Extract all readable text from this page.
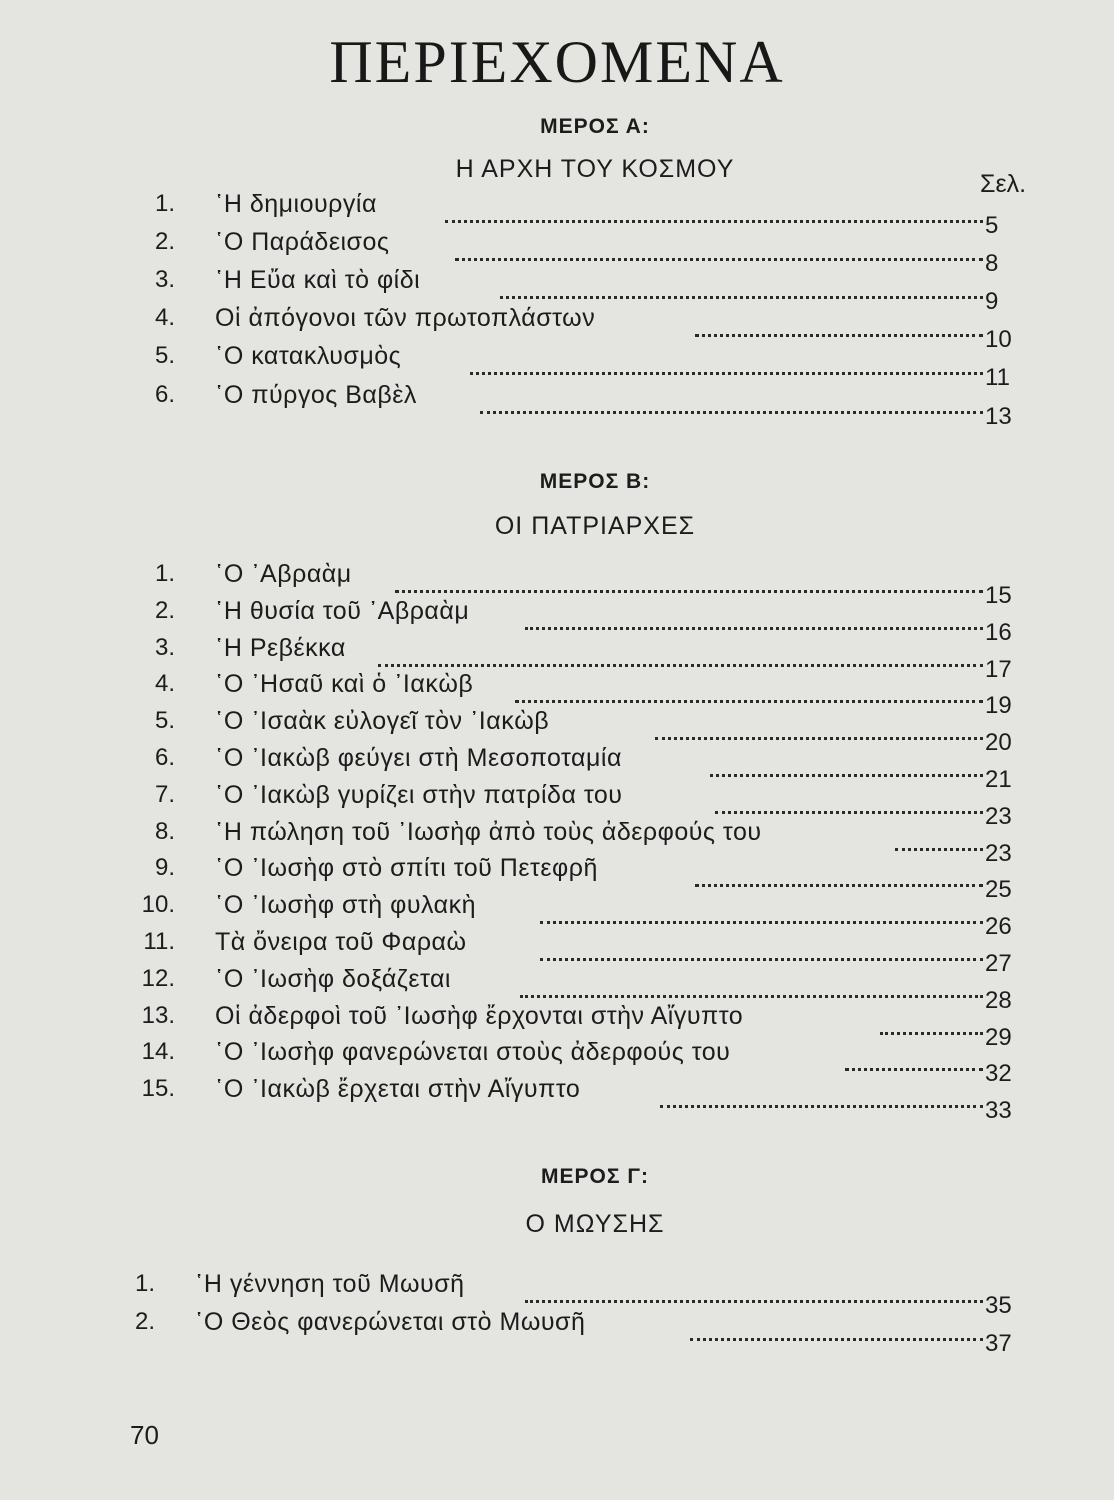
ΠΕΡΙΕΧΟΜΕΝΑ
ΜΕΡΟΣ Α:
Η ΑΡΧΗ ΤΟΥ ΚΟΣΜΟΥ
Σελ.
1. ῾Η δημιουργία
5
2. ῾Ο Παράδεισος
8
3. ῾Η Εὔα καὶ τὸ φίδι
9
4. Οἱ ἀπόγονοι τῶν πρωτοπλάστων
10
5. ῾Ο κατακλυσμὸς
11
6. ῾Ο πύργος Βαβὲλ
13
ΜΕΡΟΣ Β:
ΟΙ ΠΑΤΡΙΑΡΧΕΣ
1. ῾Ο ᾿Αβραὰμ
15
2. ῾Η θυσία τοῦ ᾿Αβραὰμ
16
3. ῾Η Ρεβέκκα
17
4. ῾Ο ᾿Ησαῦ καὶ ὁ ᾿Ιακὼβ
19
5. ῾Ο ᾿Ισαὰκ εὐλογεῖ τὸν ᾿Ιακὼβ
20
6. ῾Ο ᾿Ιακὼβ φεύγει στὴ Μεσοποταμία
21
7. ῾Ο ᾿Ιακὼβ γυρίζει στὴν πατρίδα του
23
8. ῾Η πώληση τοῦ ᾿Ιωσὴφ ἀπὸ τοὺς ἀδερφούς του
23
9. ῾Ο ᾿Ιωσὴφ στὸ σπίτι τοῦ Πετεφρῆ
25
10. ῾Ο ᾿Ιωσὴφ στὴ φυλακὴ
26
11. Τὰ ὄνειρα τοῦ Φαραὼ
27
12. ῾Ο ᾿Ιωσὴφ δοξάζεται
28
13. Οἱ ἀδερφοὶ τοῦ ᾿Ιωσὴφ ἔρχονται στὴν Αἴγυπτο
29
14. ῾Ο ᾿Ιωσὴφ φανερώνεται στοὺς ἀδερφούς του
32
15. ῾Ο ᾿Ιακὼβ ἔρχεται στὴν Αἴγυπτο
33
ΜΕΡΟΣ Γ:
Ο ΜΩΥΣΗΣ
1. ῾Η γέννηση τοῦ Μωυσῆ
35
2. ῾Ο Θεὸς φανερώνεται στὸ Μωυσῆ
37
70
